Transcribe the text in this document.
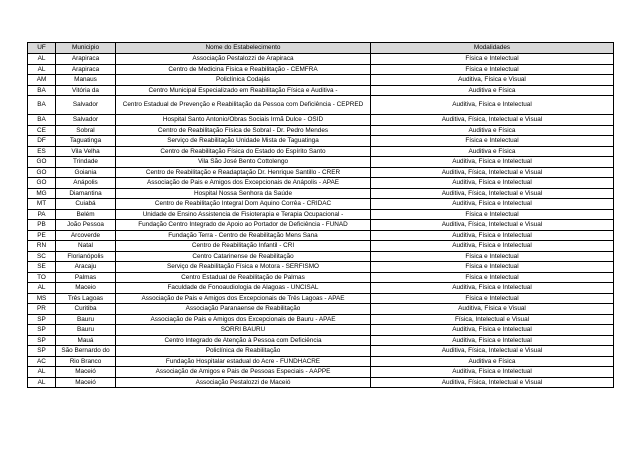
UF	Municipio	Nome do Estabelecimento	Modalidades
AL	Arapiraca	Associação Pestalozzi de Arapiraca	Física e Intelectual
AL	Arapiraca	Centro de Medicina Física e Reabilitação - CEMFRA	Física e Intelectual
AM	Manaus	Policlínica Codajás	Auditiva, Física e Visual
BA	Vitória da	Centro Municipal Especializado em Reabilitação Física e Auditiva -	Auditiva e Física
BA	Salvador	Centro Estadual de Prevenção e Reabilitação da Pessoa com Deficiência - CEPRED	Auditiva, Física e Intelectual
BA	Salvador	Hospital Santo Antonio/Obras Sociais Irmã Dulce - OSID	Auditiva, Física, Intelectual e Visual
CE	Sobral	Centro de Reabilitação Física de Sobral - Dr. Pedro Mendes	Auditiva e Física
DF	Taguatinga	Serviço de Reabilitação Unidade Mista de Taguatinga	Física e Intelectual
ES	Vila Velha	Centro de Reabilitação Física do Estado do Espírito Santo	Auditiva e Física
GO	Trindade	Vila São José Bento Cottolengo	Auditiva, Física e Intelectual
GO	Goiania	Centro de Reabilitação e Readaptação Dr. Henrique Santillo - CRER	Auditiva, Física, Intelectual e Visual
GO	Anápolis	Associação de Pais e Amigos dos Excepcionais de Anápolis - APAE	Auditiva, Física e Intelectual
MG	Diamantina	Hospital Nossa Senhora da Saúde	Auditiva, Física, Intelectual e Visual
MT	Cuiabá	Centro de Reabilitação Integral Dom Aquino Corrêa - CRIDAC	Auditiva, Física e Intelectual
PA	Belém	Unidade de Ensino Assistencia de Fisioterapia e Terapia Ocupacional -	Física e Intelectual
PB	João Pessoa	Fundação Centro Integrado de Apoio ao Portador de Deficiência - FUNAD	Auditiva, Física, Intelectual e Visual
PE	Arcoverde	Fundação Terra - Centro de Reabilitação Mens Sana	Auditiva, Física e Intelectual
RN	Natal	Centro de Reabilitação Infantil - CRI	Auditiva, Física e Intelectual
SC	Florianópolis	Centro Catarinense de Reabilitação	Física e Intelectual
SE	Aracaju	Serviço de Reabilitação Física e Motora - SERFISMO	Física e Intelectual
TO	Palmas	Centro Estadual de Reabilitação de Palmas	Física e Intelectual
AL	Maceio	Faculdade de Fonoaudiologia de Alagoas - UNCISAL	Auditiva, Física e Intelectual
MS	Três Lagoas	Associação de Pais e Amigos dos Excepcionais de Três Lagoas - APAE	Física e Intelectual
PR	Curitiba	Associação Paranaense de Reabilitação	Auditiva, Física e Visual
SP	Bauru	Associação de Pais e Amigos dos Excepcionais de Bauru - APAE	Física, Intelectual e Visual
SP	Bauru	SORRI BAURU	Auditiva, Física e Intelectual
SP	Mauá	Centro Integrado de Atenção à Pessoa com Deficiência	Auditiva, Física e Intelectual
SP	São Bernardo do	Policlínica de Reabilitação	Auditiva, Física, Intelectual e Visual
AC	Rio Branco	Fundação Hospitalar estadual do Acre - FUNDHACRE	Auditiva e Física
AL	Maceió	Associação de Amigos e Pais de Pessoas Especiais - AAPPE	Auditiva, Física e Intelectual
AL	Maceió	Associação Pestalozzi de Maceió	Auditiva, Física, Intelectual e Visual
